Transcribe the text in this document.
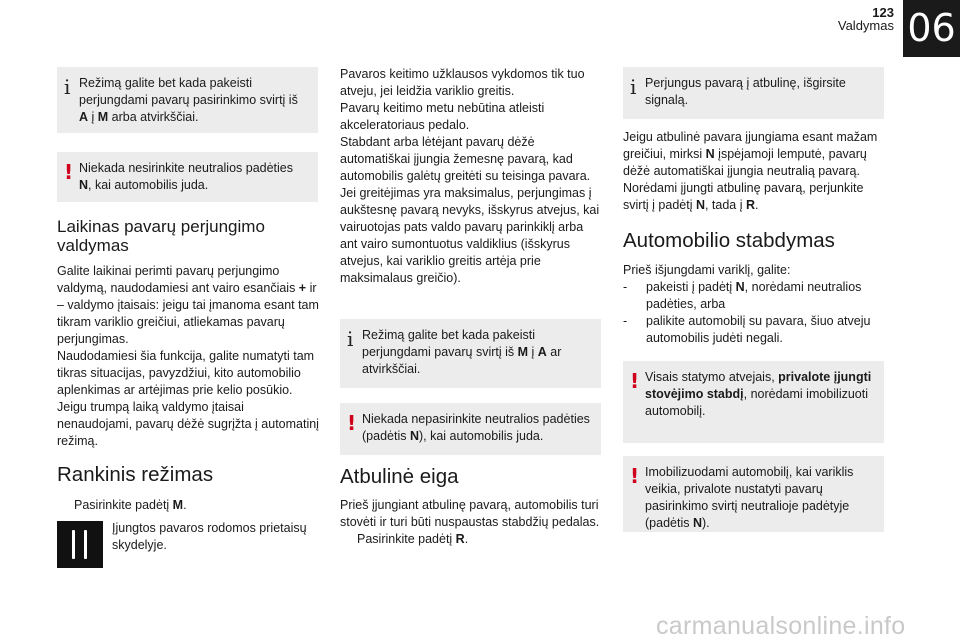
123
Valdymas 06
i Režimą galite bet kada pakeisti perjungdami pavarų pasirinkimo svirtį iš A į M arba atvirkščiai.

! Niekada nesirinkite neutralios padėties N, kai automobilis juda.

Laikinas pavarų perjungimo valdymas

Galite laikinai perimti pavarų perjungimo valdymą, naudodamiesi ant vairo esančiais + ir – valdymo įtaisais: jeigu tai įmanoma esant tam tikram variklio greičiui, atliekamas pavarų perjungimas.

Naudodamiesi šia funkcija, galite numatyti tam tikras situacijas, pavyzdžiui, kito automobilio aplenkimas ar artėjimas prie kelio posūkio.

Jeigu trumpą laiką valdymo įtaisai nenaudojami, pavarų dėžė sugrįžta į automatinį režimą.

Rankinis režimas
Pasirinkite padėtį M.
Įjungtos pavaros rodomos prietaisų skydelyje.

Pavaros keitimo užklausos vykdomos tik tuo atveju, jei leidžia variklio greitis.

Pavarų keitimo metu nebūtina atleisti akceleratoriaus pedalo.

Stabdant arba lėtėjant pavarų dėžė automatiškai įjungia žemesnę pavarą, kad automobilis galėtų greitėti su teisinga pavara.

Jei greitėjimas yra maksimalus, perjungimas į aukštesnę pavarą nevyks, išskyrus atvejus, kai vairuotojas pats valdo pavarų parinkiklį arba ant vairo sumontuotus valdiklius (išskyrus atvejus, kai variklio greitis artėja prie maksimalaus greičio).

i Režimą galite bet kada pakeisti perjungdami pavarų svirtį iš M į A ar atvirkščiai.

! Niekada nepasirinkite neutralios padėties (padėtis N), kai automobilis juda.

Atbulinė eiga

Prieš įjungiant atbulinę pavarą, automobilis turi stovėti ir turi būti nuspaustas stabdžių pedalas.

Pasirinkite padėtį R.
i Perjungus pavarą į atbulinę, išgirsite signalą.

Jeigu atbulinė pavara įjungiama esant mažam greičiui, mirksi N įspėjamoji lemputė, pavarų dėžė automatiškai įjungia neutralią pavarą.

Norėdami įjungti atbulinę pavarą, perjunkite svirtį į padėtį N, tada į R.

Automobilio stabdymas

Prieš išjungdami variklį, galite:

- pakeisti į padėtį N, norėdami neutralios padėties, arba
- palikite automobilį su pavara, šiuo atveju automobilis judėti negali.
! Visais statymo atvejais, privalote įjungti stovėjimo stabdį, norėdami imobilizuoti automobilį.

! Imobilizuodami automobilį, kai variklis veikia, privalote nustatyti pavarų pasirinkimo svirtį neutralioje padėtyje (padėtis N).

carmanualsonline.info
